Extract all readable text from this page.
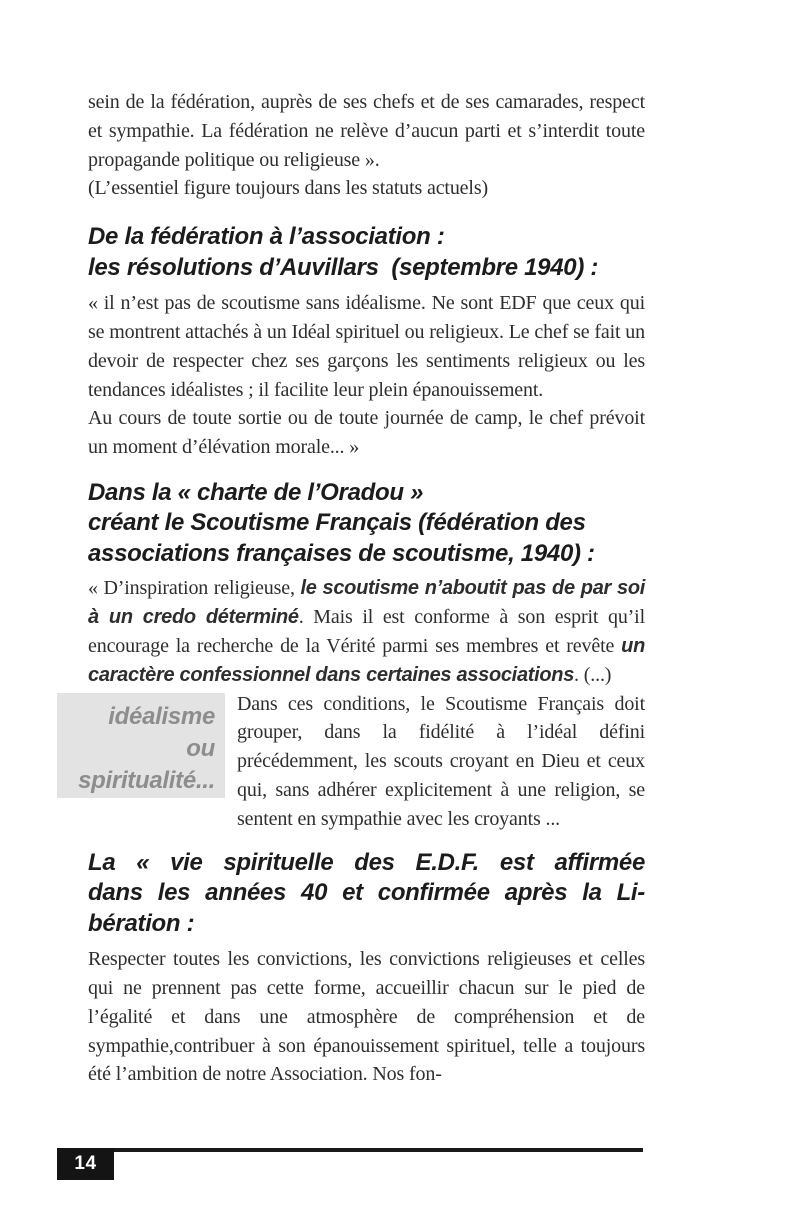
sein de la fédération, auprès de ses chefs et de ses camarades, respect et sympathie. La fédération ne relève d’aucun parti et s’interdit toute propagande politique ou religieuse ».

(L’essentiel figure toujours dans les statuts actuels)

De la fédération à l’association :
les résolutions d’Auvillars  (septembre 1940) :

« il n’est pas de scoutisme sans idéalisme. Ne sont EDF que ceux qui se montrent attachés à un Idéal spirituel ou religieux. Le chef se fait un devoir de respecter chez ses garçons les sentiments religieux ou les tendances idéalistes ; il facilite leur plein épanouissement.

Au cours de toute sortie ou de toute journée de camp, le chef prévoit un moment d’élévation morale... »

Dans la « charte de l’Oradou »
créant le Scoutisme Français (fédération des
associations françaises de scoutisme, 1940) :

« D’inspiration religieuse, le scoutisme n’aboutit pas de par soi à un credo déterminé. Mais il est conforme à son esprit qu’il encourage la recherche de la Vérité parmi ses membres et revête un caractère confessionnel dans certaines associations. (...)

idéalisme
ou
spiritualité...
Dans ces conditions, le Scoutisme Français doit grouper, dans la fidélité à l’idéal défini précédemment, les scouts croyant en Dieu et ceux qui, sans adhérer explicitement à une religion, se sentent en sympathie avec les croyants ...

La « vie spirituelle des E.D.F. est affirmée
dans les années 40 et confirmée après la Li-
bération :

Respecter toutes les convictions, les convictions religieuses et celles qui ne prennent pas cette forme, accueillir chacun sur le pied de l’égalité et dans une atmosphère de compréhension et de sympathie,contribuer à son épanouissement spirituel, telle a toujours été l’ambition de notre Association. Nos fon-

14
